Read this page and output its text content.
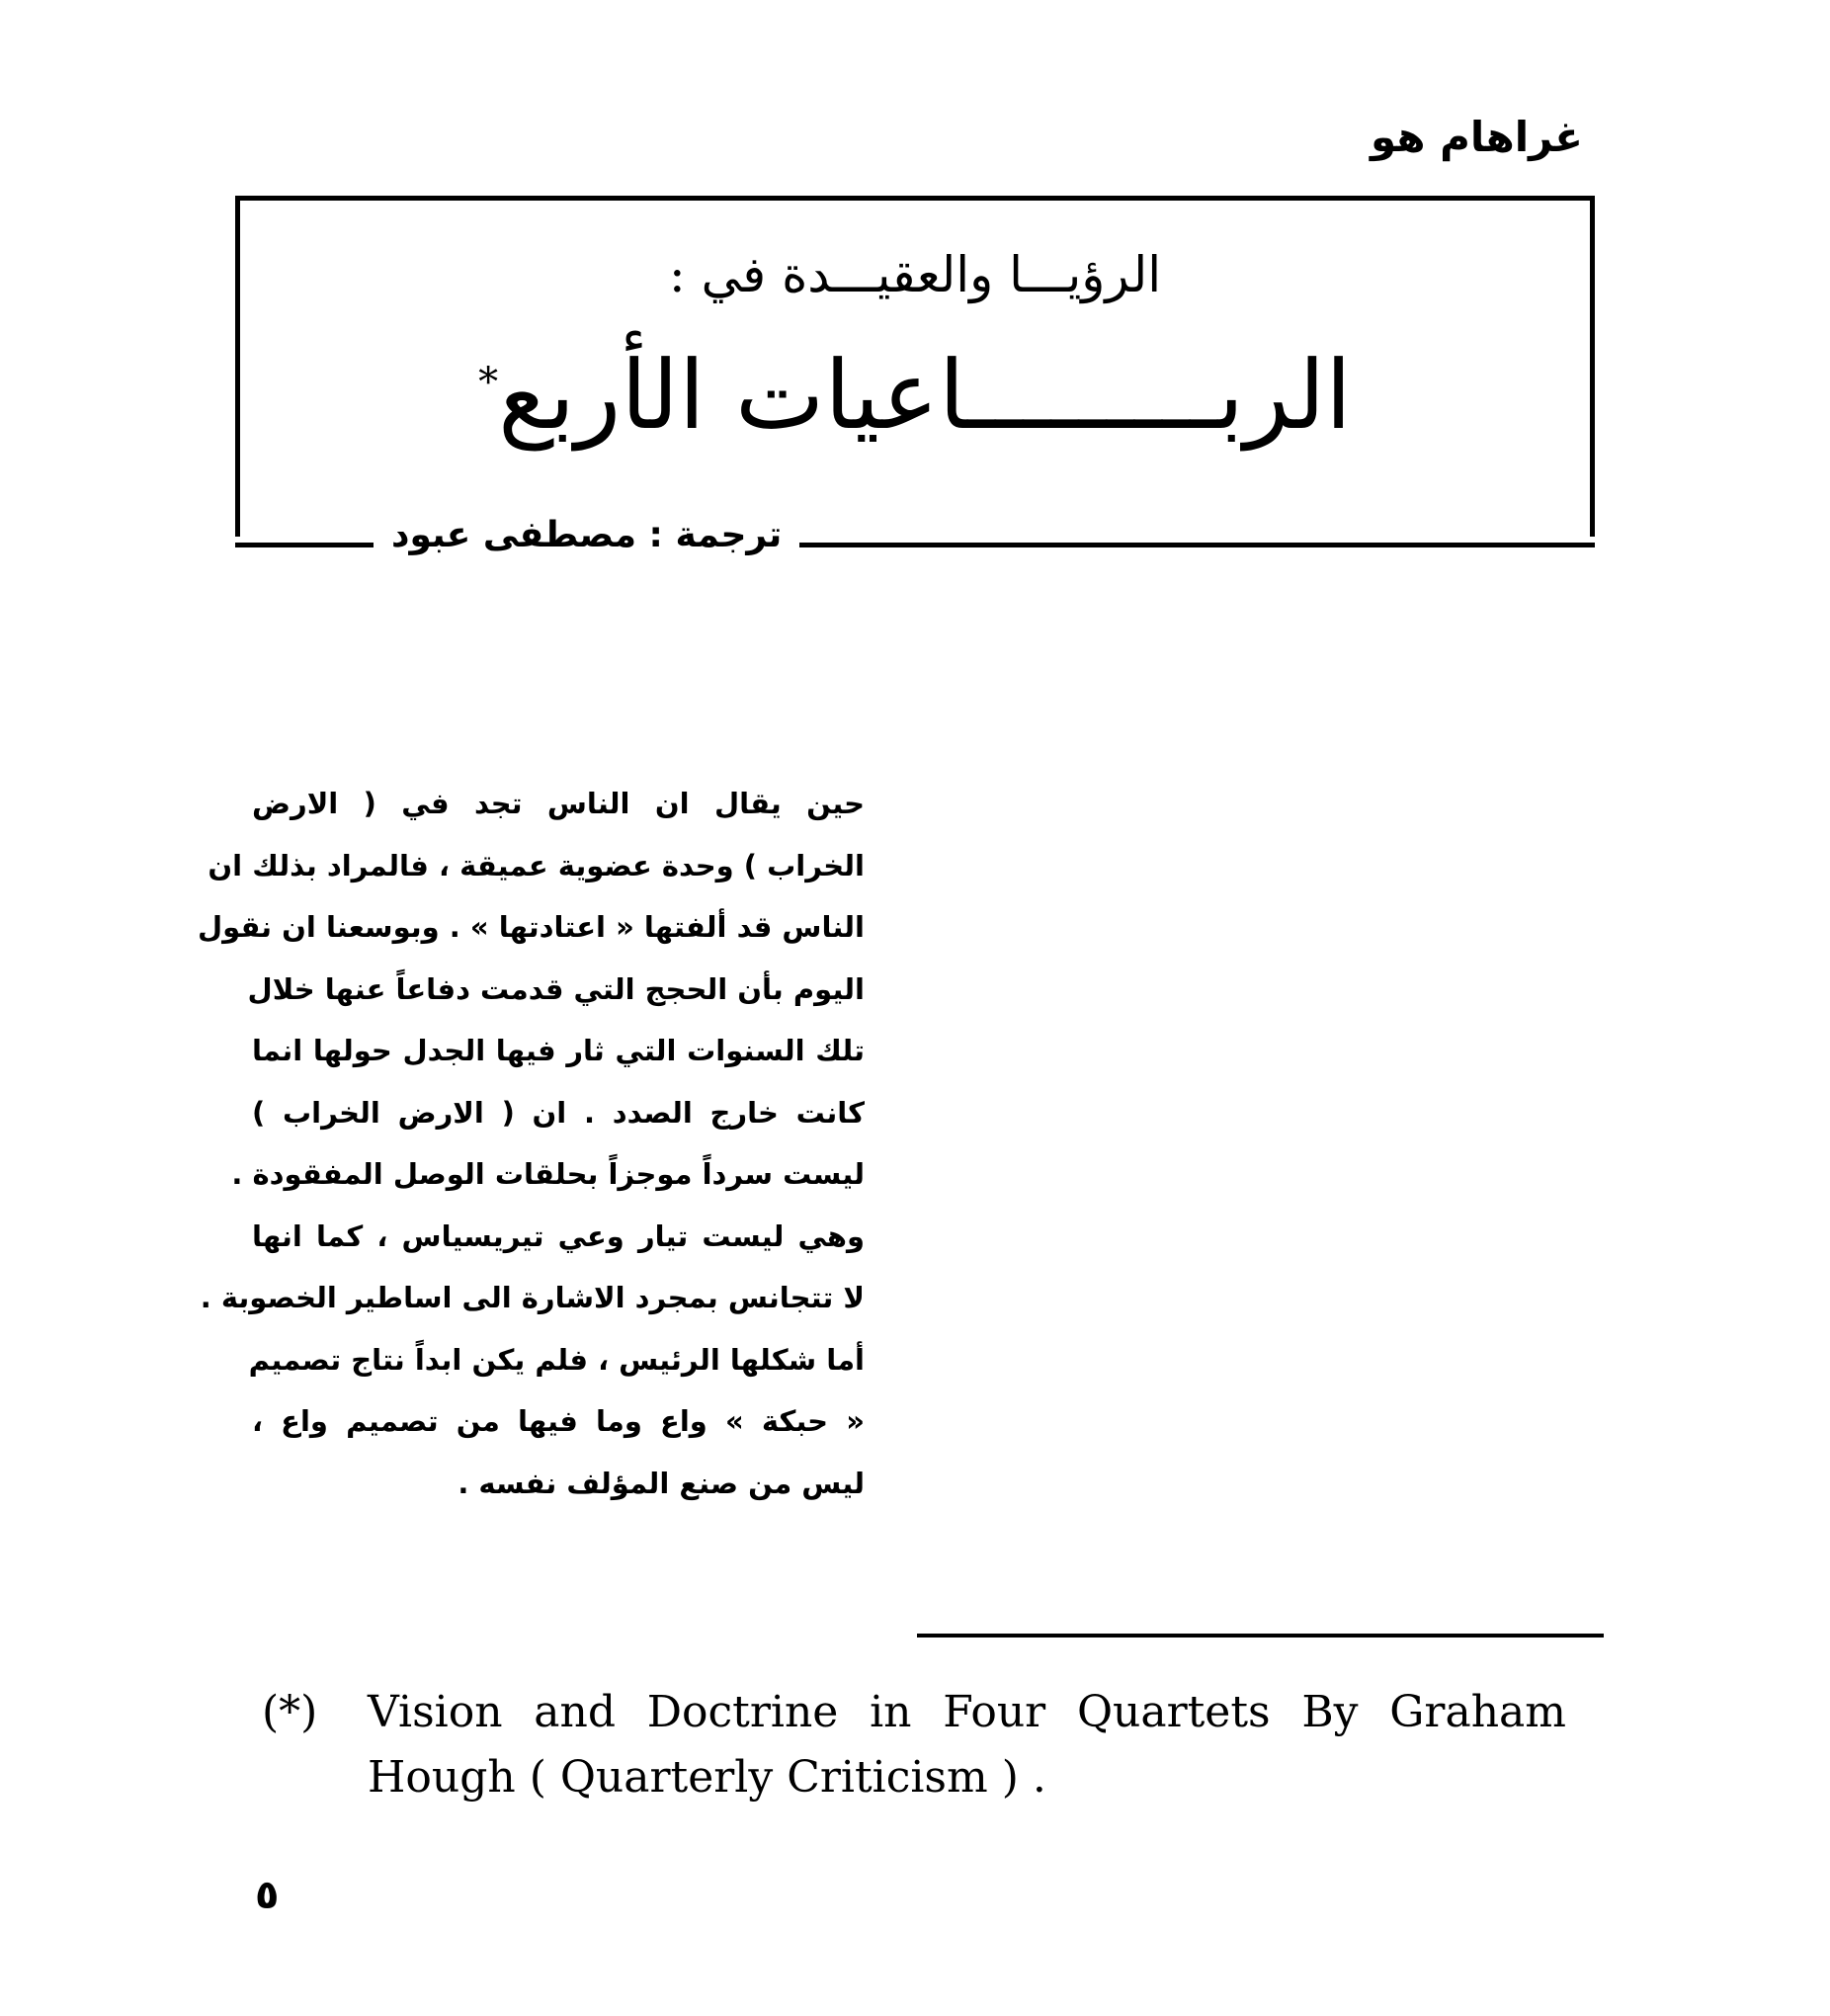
غراهام هو
الرؤيـــا والعقيـــدة في :
الربـــــــــاعيات الأربع*
ترجمة : مصطفى عبود
حين يقال ان الناس تجد في ( الارض
الخراب ) وحدة عضوية عميقة ، فالمراد بذلك ان
الناس قد ألفتها « اعتادتها » . وبوسعنا ان نقول
اليوم بأن الحجج التي قدمت دفاعاً عنها خلال
تلك السنوات التي ثار فيها الجدل حولها انما
كانت خارج الصدد . ان ( الارض الخراب )
ليست سرداً موجزاً بحلقات الوصل المفقودة .
وهي ليست تيار وعي تيريسياس ، كما انها
لا تتجانس بمجرد الاشارة الى اساطير الخصوبة .
أما شكلها الرئيس ، فلم يكن ابداً نتاج تصميم
« حبكة » واع وما فيها من تصميم واع ،
ليس من صنع المؤلف نفسه .
(*)	Vision and Doctrine in Four Quartets By Graham Hough ( Quarterly Criticism ) .
٥
